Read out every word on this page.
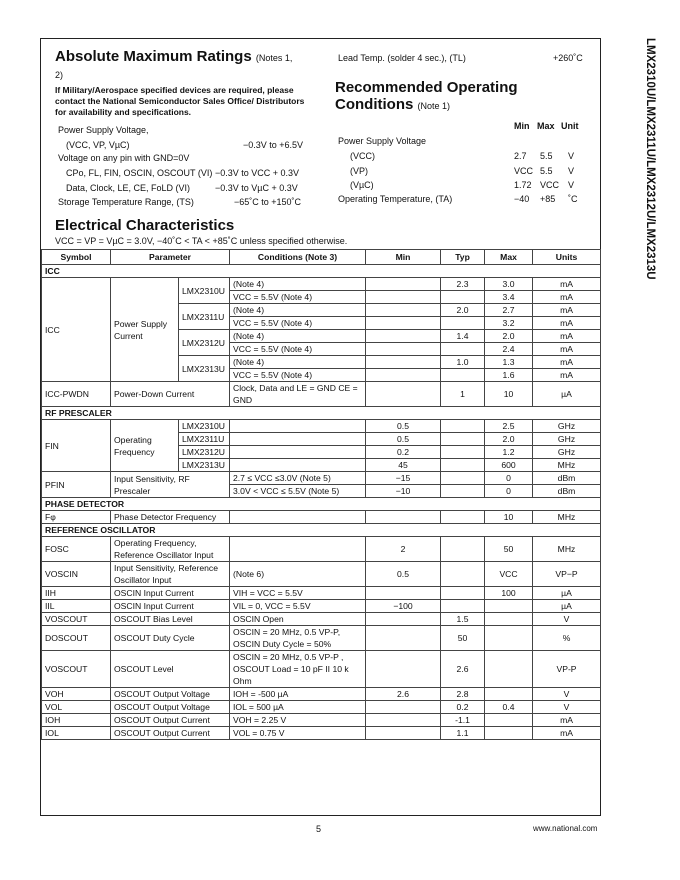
LMX2310U/LMX2311U/LMX2312U/LMX2313U
Absolute Maximum Ratings (Notes 1,
2)
If Military/Aerospace specified devices are required, please contact the National Semiconductor Sales Office/ Distributors for availability and specifications.
Power Supply Voltage,
(VCC, VP, VµC)	−0.3V to +6.5V
Voltage on any pin with GND=0V
CPo, FL, FIN, OSCIN, OSCOUT (VI) −0.3V to VCC + 0.3V
Data, Clock, LE, CE, FoLD (VI)	−0.3V to VµC + 0.3V
Storage Temperature Range, (TS)	−65˚C to +150˚C
Lead Temp. (solder 4 sec.), (TL)	+260˚C
Recommended Operating
Conditions (Note 1)
Min Max Unit
Power Supply Voltage
(VCC)	2.7 5.5 V
(VP)	VCC 5.5 V
(VµC)	1.72 VCC V
Operating Temperature, (TA)	−40 +85 ˚C
Electrical Characteristics
VCC = VP = VµC = 3.0V, −40˚C < TA < +85˚C unless specified otherwise.
Symbol	Parameter		Conditions (Note 3)	Min	Typ	Max	Units
ICC							
ICC	Power Supply Current	LMX2310U	(Note 4)		2.3	3.0	mA
			VCC = 5.5V (Note 4)			3.4	mA
		LMX2311U	(Note 4)		2.0	2.7	mA
			VCC = 5.5V (Note 4)			3.2	mA
		LMX2312U	(Note 4)		1.4	2.0	mA
			VCC = 5.5V (Note 4)			2.4	mA
		LMX2313U	(Note 4)		1.0	1.3	mA
			VCC = 5.5V (Note 4)			1.6	mA
ICC-PWDN	Power-Down Current		Clock, Data and LE = GND CE = GND		1	10	µA
RF PRESCALER							
FIN	Operating Frequency	LMX2310U		0.5		2.5	GHz
		LMX2311U		0.5		2.0	GHz
		LMX2312U		0.2		1.2	GHz
		LMX2313U		45		600	MHz
PFIN	Input Sensitivity, RF Prescaler		2.7 ≤ VCC ≤3.0V (Note 5)	−15		0	dBm
			3.0V < VCC ≤ 5.5V (Note 5)	−10		0	dBm
PHASE DETECTOR							
Fφ	Phase Detector Frequency					10	MHz
REFERENCE OSCILLATOR							
FOSC	Operating Frequency, Reference Oscillator Input			2		50	MHz
VOSCIN	Input Sensitivity, Reference Oscillator Input		(Note 6)	0.5		VCC	VP−P
IIH	OSCIN Input Current		VIH = VCC = 5.5V			100	µA
IIL	OSCIN Input Current		VIL = 0, VCC = 5.5V	−100			µA
VOSCOUT	OSCOUT Bias Level		OSCIN Open		1.5		V
DOSCOUT	OSCOUT Duty Cycle		OSCIN = 20 MHz, 0.5 VP-P, OSCIN Duty Cycle = 50%		50		%
VOSCOUT	OSCOUT Level		OSCIN = 20 MHz, 0.5 VP-P , OSCOUT Load = 10 pF II 10 k Ohm		2.6		VP-P
VOH	OSCOUT Output Voltage		IOH = -500 µA	2.6	2.8		V
VOL	OSCOUT Output Voltage		IOL = 500 µA		0.2	0.4	V
IOH	OSCOUT Output Current		VOH = 2.25 V		-1.1		mA
IOL	OSCOUT Output Current		VOL = 0.75 V		1.1		mA
5	www.national.com
